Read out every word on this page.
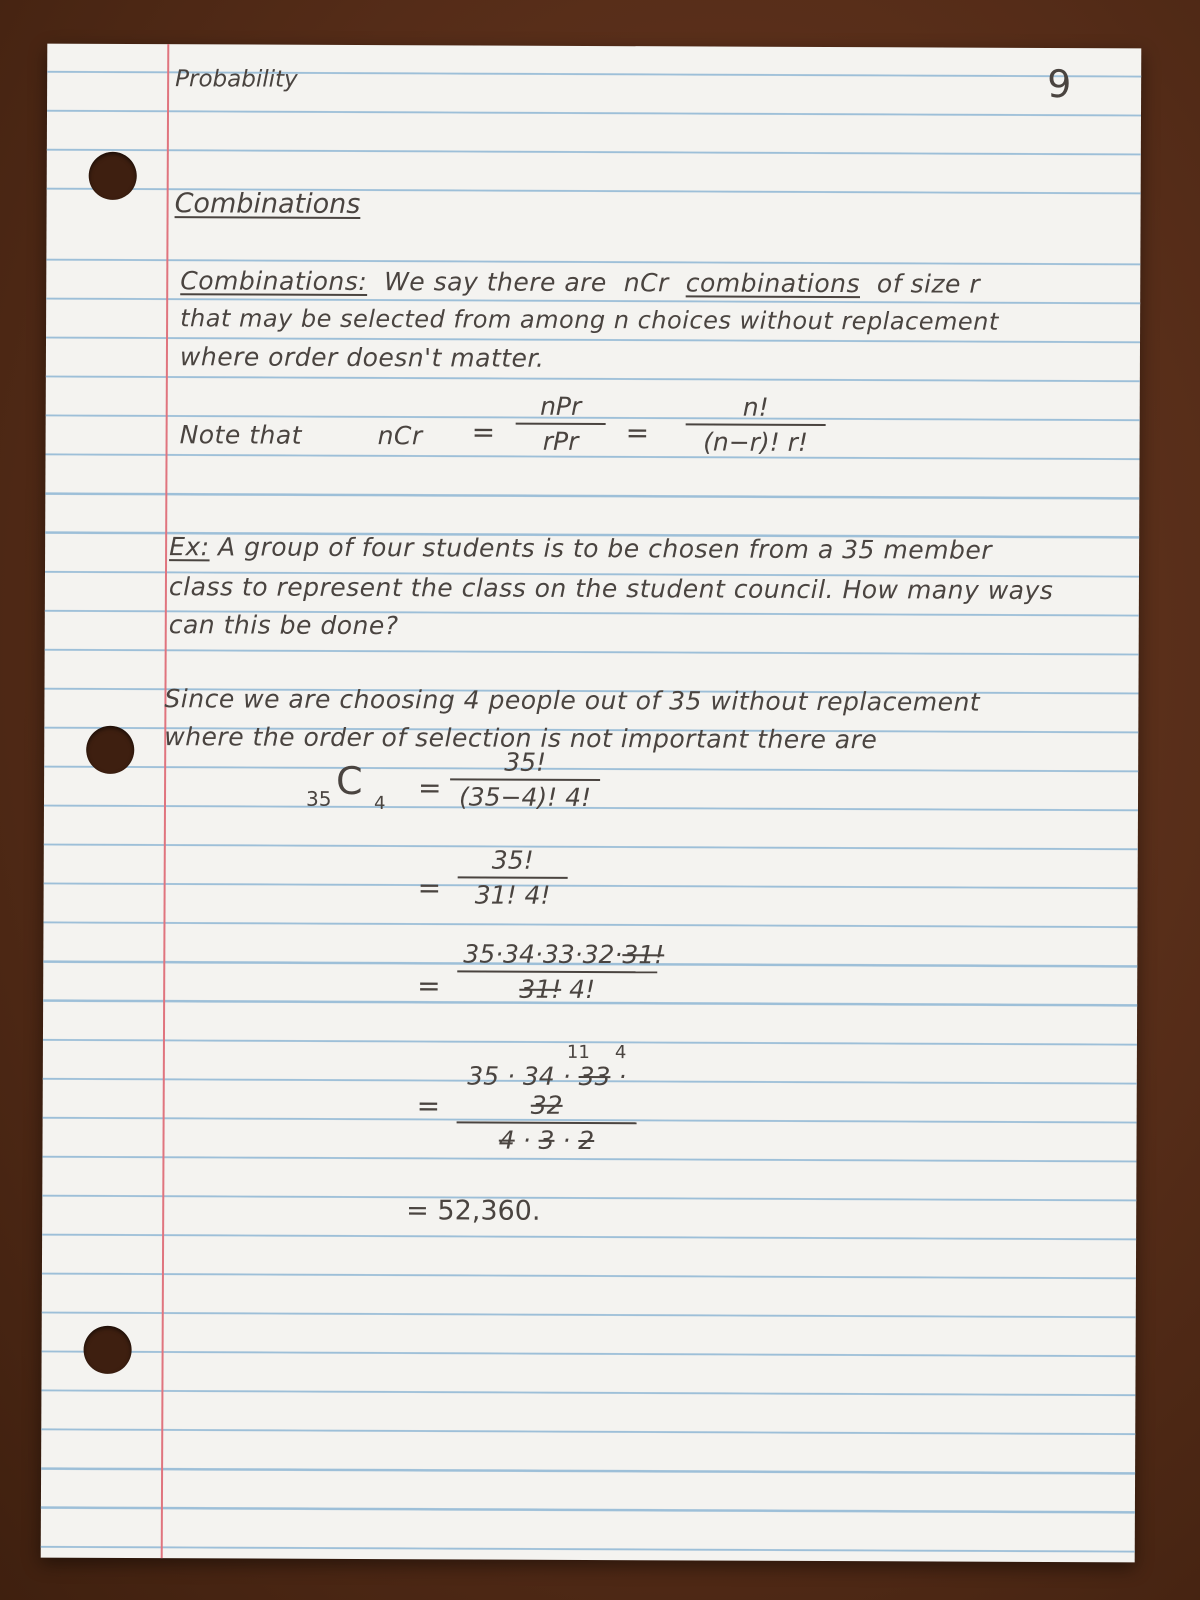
Probability	9
Combinations
Combinations: We say there are nCr combinations of size r
that may be selected from among n choices without replacement
where order doesn't matter.
Note that	nCr =
nPr
rPr	= $\frac{n!}{(n-r)! r!}$
Ex: A group of four students is to be chosen from a 35 member
class to represent the class on the student council. How many ways
can this be done?
Since we are choosing 4 people out of 35 without replacement
where the order of selection is not important there are
35 C
$4 = \frac{35!}{(35-4)! 4!}$
= $\frac{35!}{31! 4!}$
= $\frac{35\cdot 34\cdot 33\cdot 32\cdot 31!}{31! 4!}$
11 4
= $\frac{35 \cdot 34 \cdot 33 \cdot 32}{4 \cdot 3 \cdot 2}$
= 52,360.
